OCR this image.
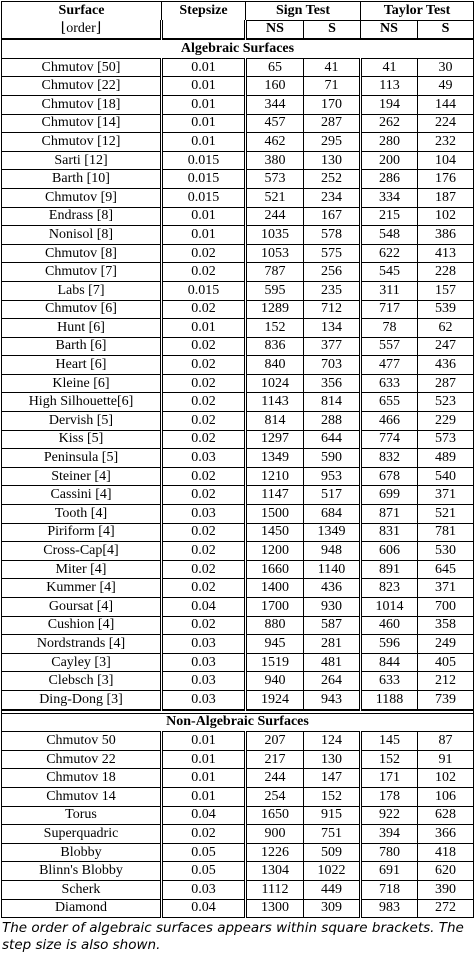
Surface	Stepsize	Sign Test		Taylor Test	
⌊order⌋		NS	S	NS	S
Algebraic Surfaces					
Chmutov [50]	0.01	65	41	41	30
Chmutov [22]	0.01	160	71	113	49
Chmutov [18]	0.01	344	170	194	144
Chmutov [14]	0.01	457	287	262	224
Chmutov [12]	0.01	462	295	280	232
Sarti [12]	0.015	380	130	200	104
Barth [10]	0.015	573	252	286	176
Chmutov [9]	0.015	521	234	334	187
Endrass [8]	0.01	244	167	215	102
Nonisol [8]	0.01	1035	578	548	386
Chmutov [8]	0.02	1053	575	622	413
Chmutov [7]	0.02	787	256	545	228
Labs [7]	0.015	595	235	311	157
Chmutov [6]	0.02	1289	712	717	539
Hunt [6]	0.01	152	134	78	62
Barth [6]	0.02	836	377	557	247
Heart [6]	0.02	840	703	477	436
Kleine [6]	0.02	1024	356	633	287
High Silhouette[6]	0.02	1143	814	655	523
Dervish [5]	0.02	814	288	466	229
Kiss [5]	0.02	1297	644	774	573
Peninsula [5]	0.03	1349	590	832	489
Steiner [4]	0.02	1210	953	678	540
Cassini [4]	0.02	1147	517	699	371
Tooth [4]	0.03	1500	684	871	521
Piriform [4]	0.02	1450	1349	831	781
Cross-Cap[4]	0.02	1200	948	606	530
Miter [4]	0.02	1660	1140	891	645
Kummer [4]	0.02	1400	436	823	371
Goursat [4]	0.04	1700	930	1014	700
Cushion [4]	0.02	880	587	460	358
Nordstrands [4]	0.03	945	281	596	249
Cayley [3]	0.03	1519	481	844	405
Clebsch [3]	0.03	940	264	633	212
Ding-Dong [3]	0.03	1924	943	1188	739

Non-Algebraic Surfaces					
Chmutov 50	0.01	207	124	145	87
Chmutov 22	0.01	217	130	152	91
Chmutov 18	0.01	244	147	171	102
Chmutov 14	0.01	254	152	178	106
Torus	0.04	1650	915	922	628
Superquadric	0.02	900	751	394	366
Blobby	0.05	1226	509	780	418
Blinn's Blobby	0.05	1304	1022	691	620
Scherk	0.03	1112	449	718	390
Diamond	0.04	1300	309	983	272
The order of algebraic surfaces appears within square brackets. The step size is also shown.
